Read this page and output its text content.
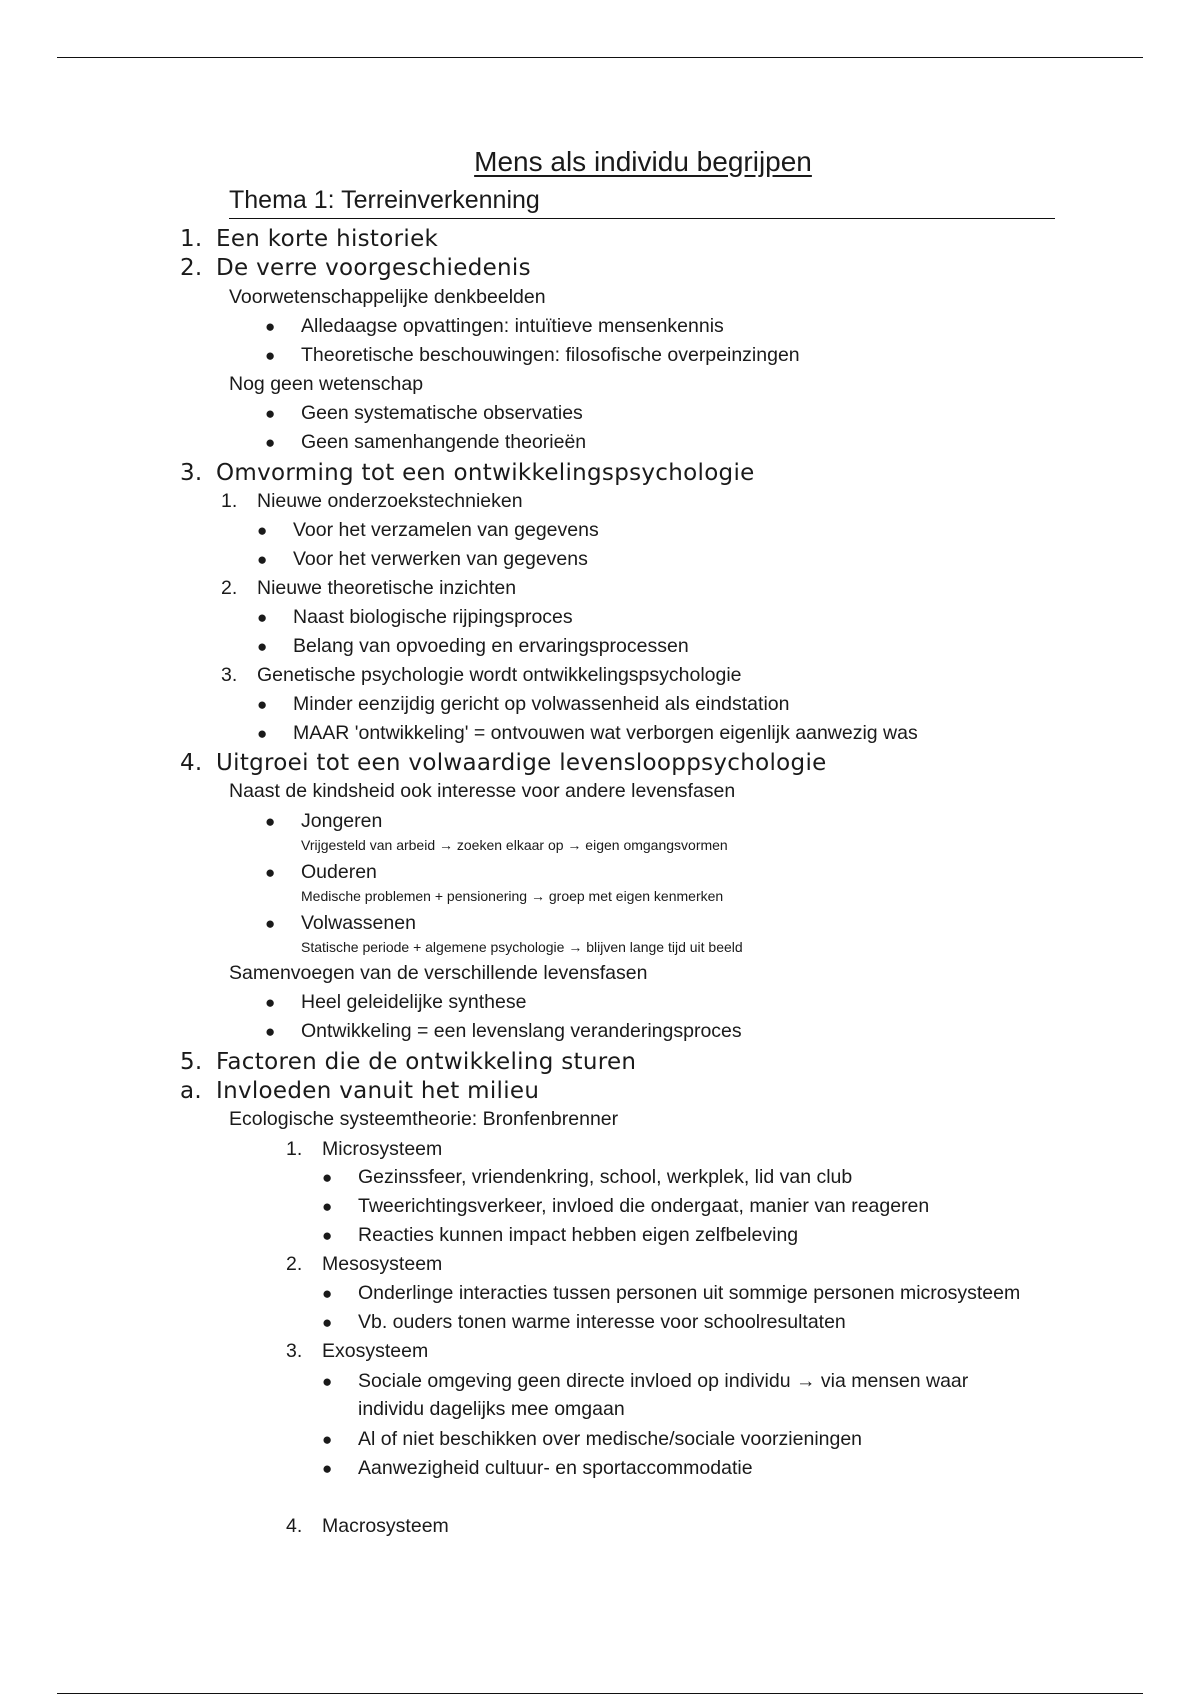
Mens als individu begrijpen
Thema 1: Terreinverkenning
1. Een korte historiek
2. De verre voorgeschiedenis
Voorwetenschappelijke denkbeelden
● Alledaagse opvattingen: intuïtieve mensenkennis
● Theoretische beschouwingen: filosofische overpeinzingen
Nog geen wetenschap
● Geen systematische observaties
● Geen samenhangende theorieën
3. Omvorming tot een ontwikkelingspsychologie
1. Nieuwe onderzoekstechnieken
● Voor het verzamelen van gegevens
● Voor het verwerken van gegevens
2. Nieuwe theoretische inzichten
● Naast biologische rijpingsproces
● Belang van opvoeding en ervaringsprocessen
3. Genetische psychologie wordt ontwikkelingspsychologie
● Minder eenzijdig gericht op volwassenheid als eindstation
● MAAR 'ontwikkeling' = ontvouwen wat verborgen eigenlijk aanwezig was
4. Uitgroei tot een volwaardige levenslooppsychologie
Naast de kindsheid ook interesse voor andere levensfasen
● Jongeren
Vrijgesteld van arbeid → zoeken elkaar op → eigen omgangsvormen
● Ouderen
Medische problemen + pensionering → groep met eigen kenmerken
● Volwassenen
Statische periode + algemene psychologie → blijven lange tijd uit beeld
Samenvoegen van de verschillende levensfasen
● Heel geleidelijke synthese
● Ontwikkeling = een levenslang veranderingsproces
5. Factoren die de ontwikkeling sturen
a. Invloeden vanuit het milieu
Ecologische systeemtheorie: Bronfenbrenner
1. Microsysteem
● Gezinssfeer, vriendenkring, school, werkplek, lid van club
● Tweerichtingsverkeer, invloed die ondergaat, manier van reageren
● Reacties kunnen impact hebben eigen zelfbeleving
2. Mesosysteem
● Onderlinge interacties tussen personen uit sommige personen microsysteem
● Vb. ouders tonen warme interesse voor schoolresultaten
3. Exosysteem
● Sociale omgeving geen directe invloed op individu → via mensen waar
individu dagelijks mee omgaan
● Al of niet beschikken over medische/sociale voorzieningen
● Aanwezigheid cultuur- en sportaccommodatie
4. Macrosysteem
